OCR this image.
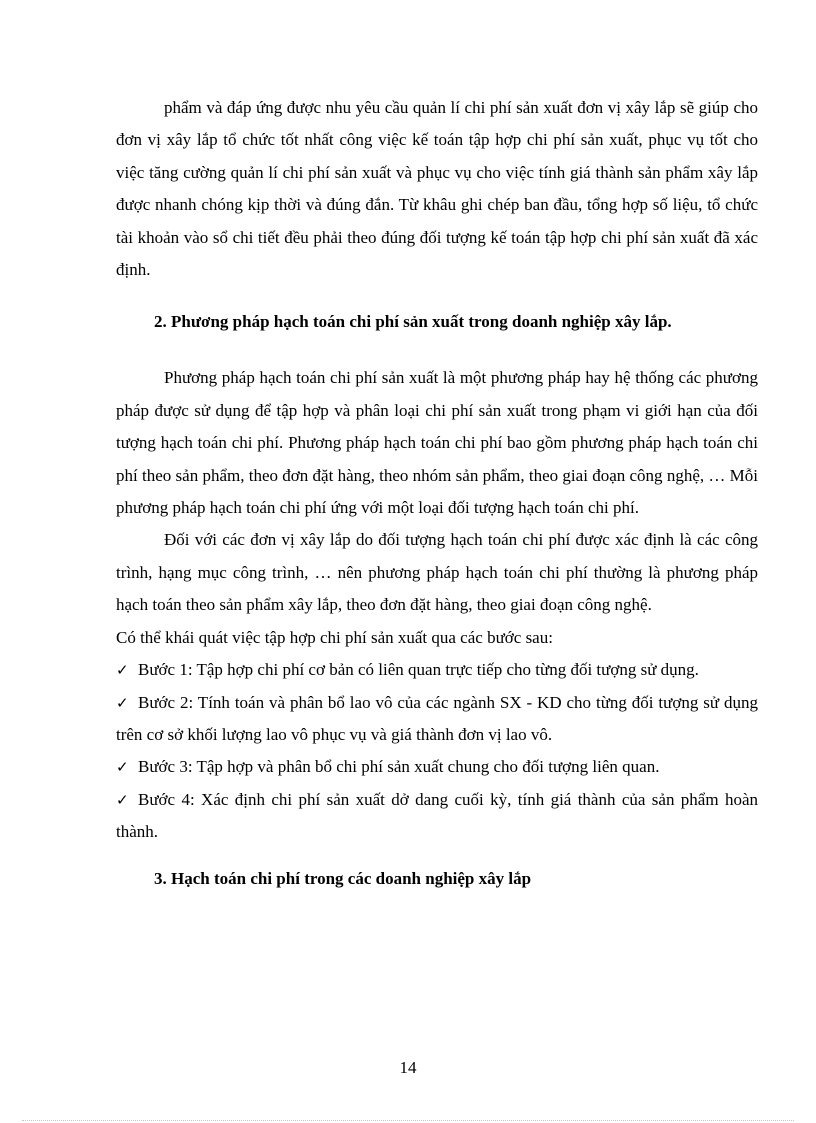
phẩm và đáp ứng được nhu yêu cầu quản lí chi phí sản xuất đơn vị xây lắp sẽ giúp cho đơn vị xây lắp tổ chức tốt nhất công việc kế toán tập hợp chi phí sản xuất, phục vụ tốt cho việc tăng cường quản lí chi phí sản xuất và phục vụ cho việc tính giá thành sản phẩm xây lắp được nhanh chóng kịp thời và đúng đắn. Từ khâu ghi chép ban đầu, tổng hợp số liệu, tổ chức tài khoản vào sổ chi tiết đều phải theo đúng đối tượng kế toán tập hợp chi phí sản xuất đã xác định.

2. Phương pháp hạch toán chi phí sản xuất trong doanh nghiệp xây lắp.

Phương pháp hạch toán chi phí sản xuất là một phương pháp hay hệ thống các phương pháp được sử dụng để tập hợp và phân loại chi phí sản xuất trong phạm vi giới hạn của đối tượng hạch toán chi phí. Phương pháp hạch toán chi phí bao gồm phương pháp hạch toán chi phí theo sản phẩm, theo đơn đặt hàng, theo nhóm sản phẩm, theo giai đoạn công nghệ, … Mỗi phương pháp hạch toán chi phí ứng với một loại đối tượng hạch toán chi phí.

Đối với các đơn vị xây lắp do đối tượng hạch toán chi phí được xác định là các công trình, hạng mục công trình, … nên phương pháp hạch toán chi phí thường là phương pháp hạch toán theo sản phẩm xây lắp, theo đơn đặt hàng, theo giai đoạn công nghệ.

Có thể khái quát việc tập hợp chi phí sản xuất qua các bước sau:

✓ Bước 1: Tập hợp chi phí cơ bản có liên quan trực tiếp cho từng đối tượng sử dụng.

✓ Bước 2: Tính toán và phân bổ lao vô của các ngành SX - KD cho từng đối tượng sử dụng trên cơ sở khối lượng lao vô phục vụ và giá thành đơn vị lao vô.

✓ Bước 3: Tập hợp và phân bổ chi phí sản xuất chung cho đối tượng liên quan.

✓ Bước 4: Xác định chi phí sản xuất dở dang cuối kỳ, tính giá thành của sản phẩm hoàn thành.

3. Hạch toán chi phí trong các doanh nghiệp xây lắp
14
